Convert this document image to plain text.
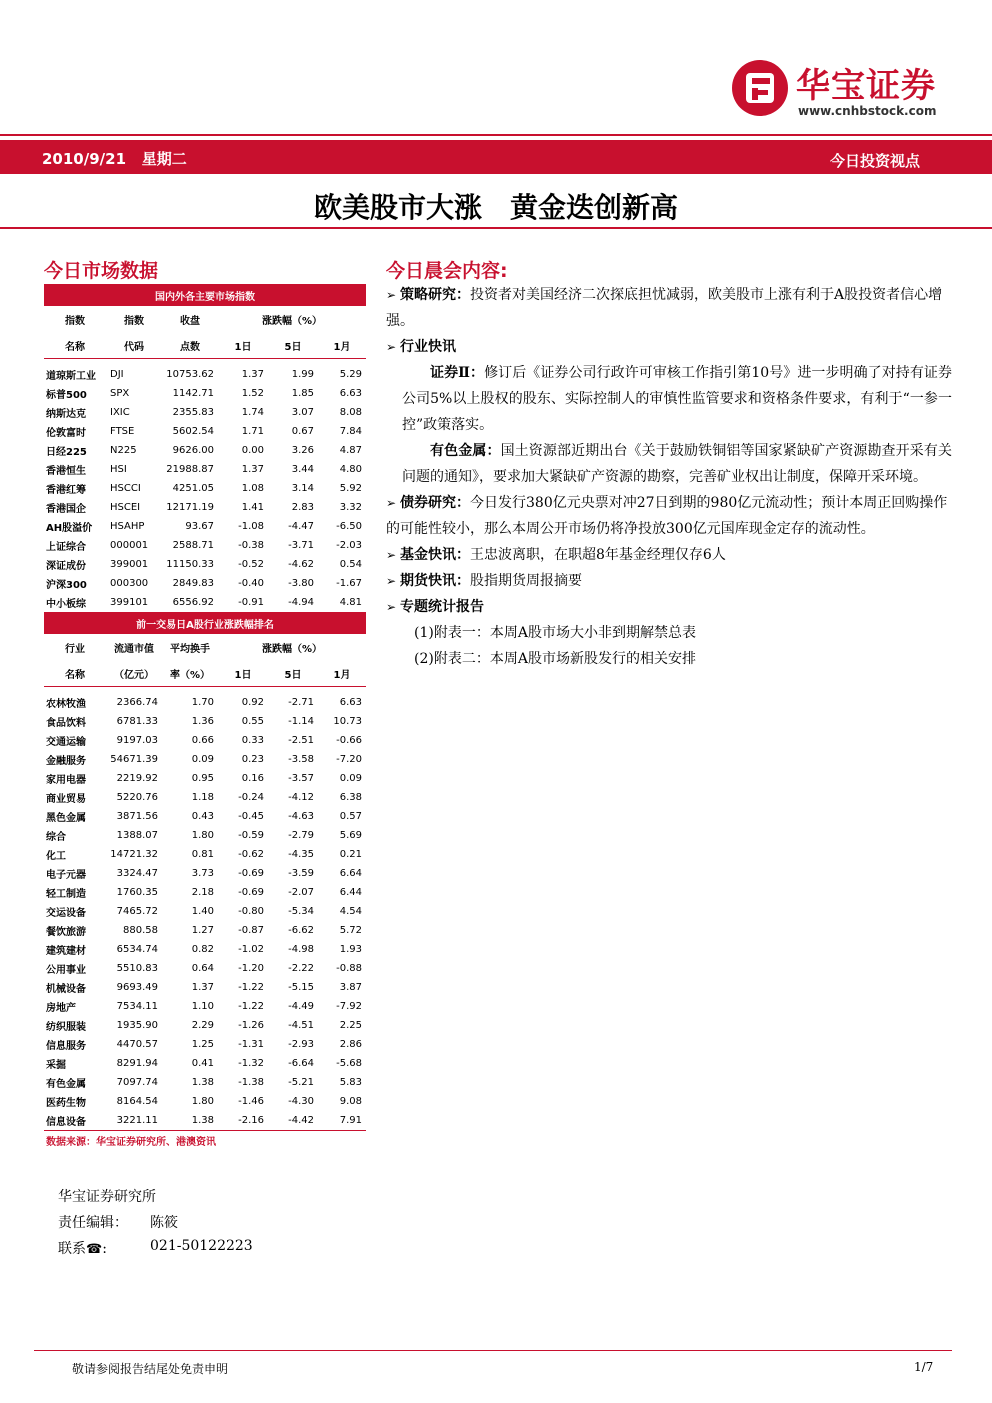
华宝证券
www.cnhbstock.com
2010/9/21 星期二	今日投资视点
欧美股市大涨　黄金迭创新高
今日市场数据
国内外各主要市场指数					
指数	指数	收盘	涨跌幅（%）		
名称	代码	点数	1日	5日	1月

道琼斯工业	DJI	10753.62	1.37	1.99	5.29
标普500	SPX	1142.71	1.52	1.85	6.63
纳斯达克	IXIC	2355.83	1.74	3.07	8.08
伦敦富时	FTSE	5602.54	1.71	0.67	7.84
日经225	N225	9626.00	0.00	3.26	4.87
香港恒生	HSI	21988.87	1.37	3.44	4.80
香港红筹	HSCCI	4251.05	1.08	3.14	5.92
香港国企	HSCEI	12171.19	1.41	2.83	3.32
AH股溢价	HSAHP	93.67	-1.08	-4.47	-6.50
上证综合	000001	2588.71	-0.38	-3.71	-2.03
深证成份	399001	11150.33	-0.52	-4.62	0.54
沪深300	000300	2849.83	-0.40	-3.80	-1.67
中小板综	399101	6556.92	-0.91	-4.94	4.81
前一交易日A股行业涨跌幅排名					
行业	流通市值	平均换手	涨跌幅（%）		
名称	（亿元）	率（%）	1日	5日	1月

农林牧渔	2366.74	1.70	0.92	-2.71	6.63
食品饮料	6781.33	1.36	0.55	-1.14	10.73
交通运输	9197.03	0.66	0.33	-2.51	-0.66
金融服务	54671.39	0.09	0.23	-3.58	-7.20
家用电器	2219.92	0.95	0.16	-3.57	0.09
商业贸易	5220.76	1.18	-0.24	-4.12	6.38
黑色金属	3871.56	0.43	-0.45	-4.63	0.57
综合	1388.07	1.80	-0.59	-2.79	5.69
化工	14721.32	0.81	-0.62	-4.35	0.21
电子元器	3324.47	3.73	-0.69	-3.59	6.64
轻工制造	1760.35	2.18	-0.69	-2.07	6.44
交运设备	7465.72	1.40	-0.80	-5.34	4.54
餐饮旅游	880.58	1.27	-0.87	-6.62	5.72
建筑建材	6534.74	0.82	-1.02	-4.98	1.93
公用事业	5510.83	0.64	-1.20	-2.22	-0.88
机械设备	9693.49	1.37	-1.22	-5.15	3.87
房地产	7534.11	1.10	-1.22	-4.49	-7.92
纺织服装	1935.90	2.29	-1.26	-4.51	2.25
信息服务	4470.57	1.25	-1.31	-2.93	2.86
采掘	8291.94	0.41	-1.32	-6.64	-5.68
有色金属	7097.74	1.38	-1.38	-5.21	5.83
医药生物	8164.54	1.80	-1.46	-4.30	9.08
信息设备	3221.11	1.38	-2.16	-4.42	7.91
数据来源：华宝证券研究所、港澳资讯
华宝证券研究所
责任编辑： 陈筱
联系☎:	021-50122223
今日晨会内容:
➢ 策略研究：投资者对美国经济二次探底担忧减弱，欧美股市上涨有利于A股投资者信心增强。
➢ 行业快讯
证券Ⅱ：修订后《证券公司行政许可审核工作指引第10号》进一步明确了对持有证券公司5%以上股权的股东、实际控制人的审慎性监管要求和资格条件要求，有利于“一参一控”政策落实。
有色金属：国土资源部近期出台《关于鼓励铁铜铝等国家紧缺矿产资源勘查开采有关问题的通知》，要求加大紧缺矿产资源的勘察，完善矿业权出让制度，保障开采环境。
➢ 债券研究：今日发行380亿元央票对冲27日到期的980亿元流动性；预计本周正回购操作的可能性较小，那么本周公开市场仍将净投放300亿元国库现金定存的流动性。
➢ 基金快讯：王忠波离职，在职超8年基金经理仅存6人
➢ 期货快讯：股指期货周报摘要
➢ 专题统计报告
(1)附表一：本周A股市场大小非到期解禁总表
(2)附表二：本周A股市场新股发行的相关安排
敬请参阅报告结尾处免责申明	1/7
